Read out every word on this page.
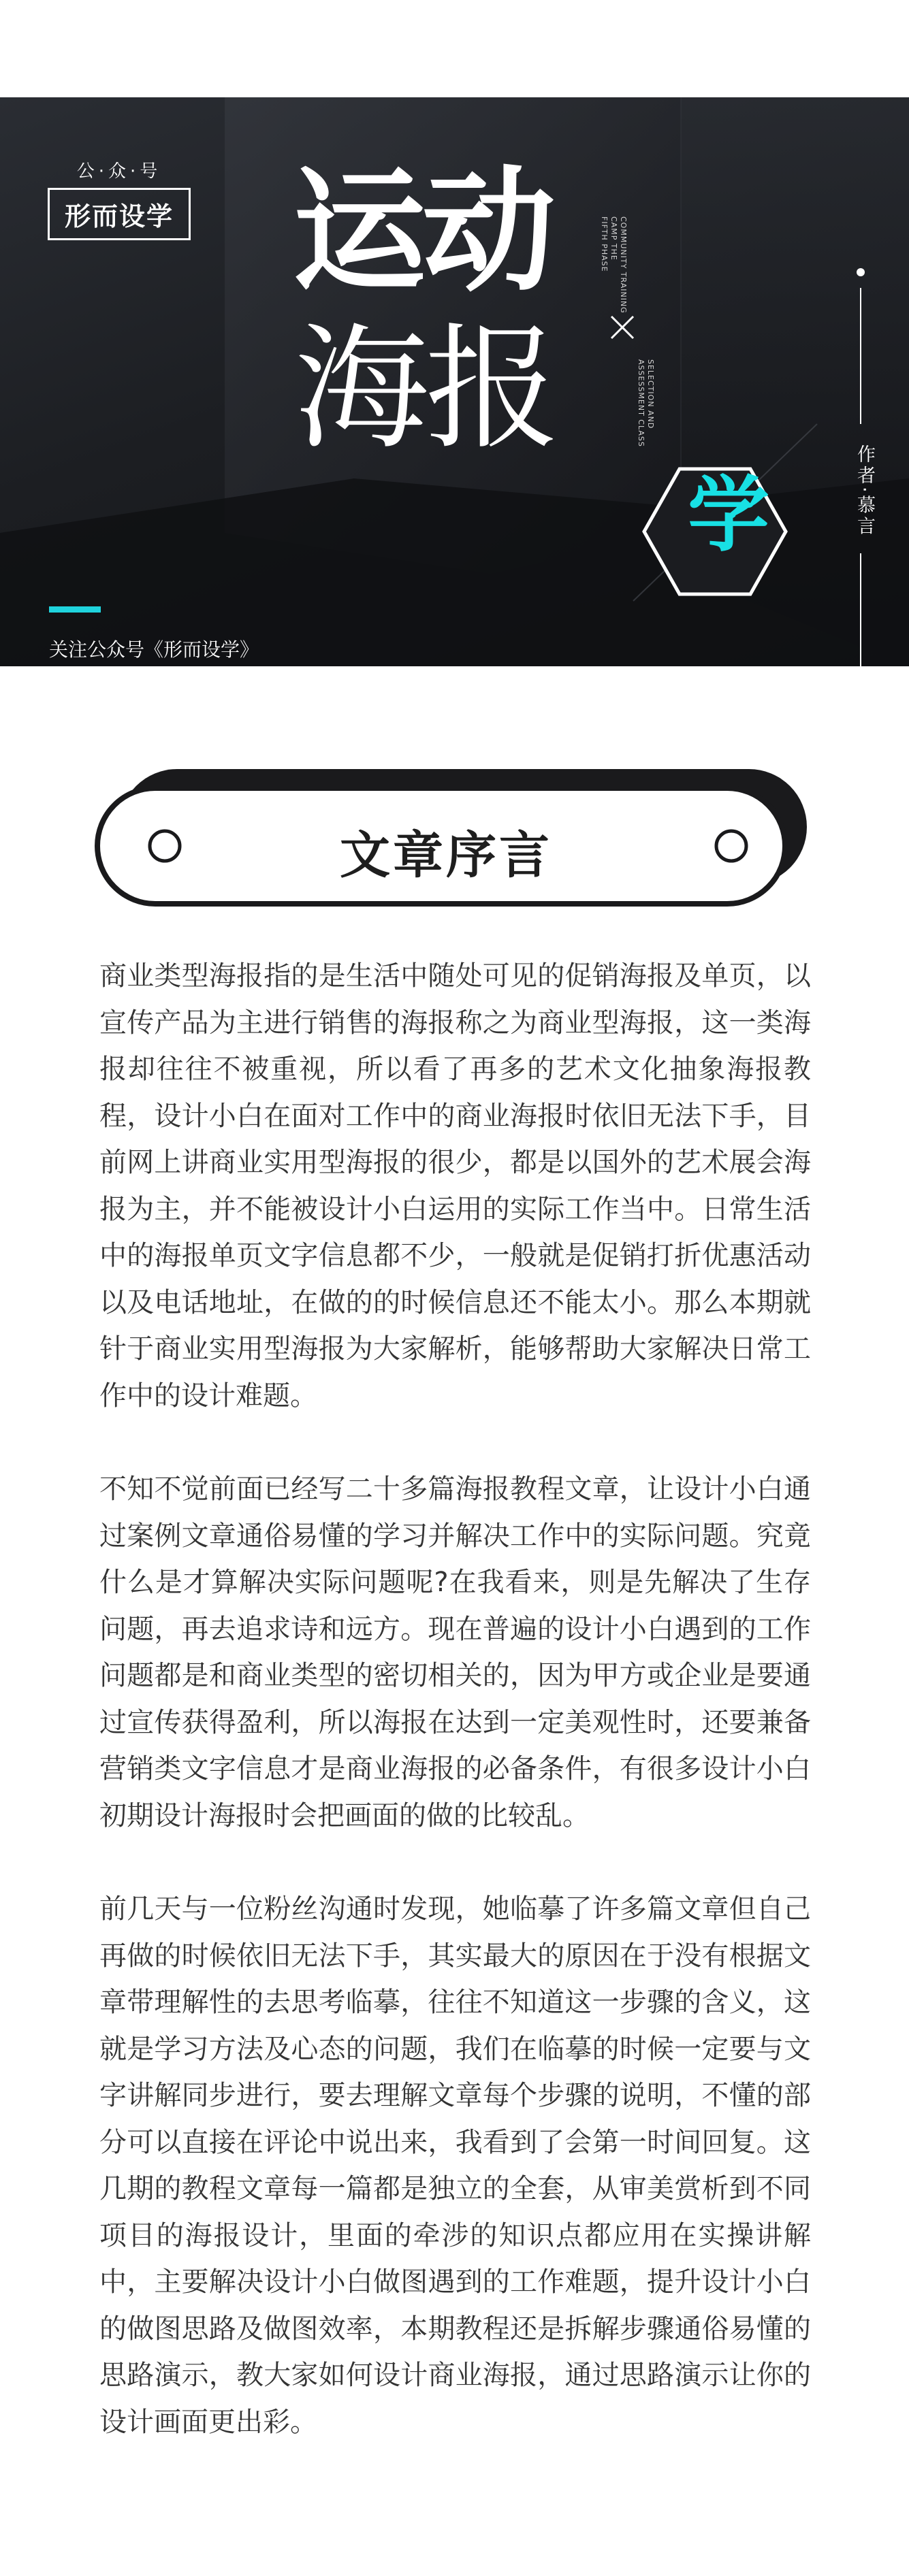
公·众·号
形而设学 运动
海报
COMMUNITY TRAINING
CAMP THE
FIFTH PHASE
SELECTION AND
ASSESSMENT CLASS
学
关注公众号《形而设学》
看更多干货文章
作者·慕言
文章序言

商业类型海报指的是生活中随处可见的促销海报及单页，以宣传产品为主进行销售的海报称之为商业型海报，这一类海报却往往不被重视，所以看了再多的艺术文化抽象海报教程，设计小白在面对工作中的商业海报时依旧无法下手，目前网上讲商业实用型海报的很少，都是以国外的艺术展会海报为主，并不能被设计小白运用的实际工作当中。日常生活中的海报单页文字信息都不少，一般就是促销打折优惠活动以及电话地址，在做的的时候信息还不能太小。那么本期就针于商业实用型海报为大家解析，能够帮助大家解决日常工作中的设计难题。

不知不觉前面已经写二十多篇海报教程文章，让设计小白通过案例文章通俗易懂的学习并解决工作中的实际问题。究竟什么是才算解决实际问题呢?在我看来，则是先解决了生存问题，再去追求诗和远方。现在普遍的设计小白遇到的工作问题都是和商业类型的密切相关的，因为甲方或企业是要通过宣传获得盈利，所以海报在达到一定美观性时，还要兼备营销类文字信息才是商业海报的必备条件，有很多设计小白初期设计海报时会把画面的做的比较乱。

前几天与一位粉丝沟通时发现，她临摹了许多篇文章但自己再做的时候依旧无法下手，其实最大的原因在于没有根据文章带理解性的去思考临摹，往往不知道这一步骤的含义，这就是学习方法及心态的问题，我们在临摹的时候一定要与文字讲解同步进行，要去理解文章每个步骤的说明，不懂的部分可以直接在评论中说出来，我看到了会第一时间回复。这几期的教程文章每一篇都是独立的全套，从审美赏析到不同项目的海报设计，里面的牵涉的知识点都应用在实操讲解中，主要解决设计小白做图遇到的工作难题，提升设计小白的做图思路及做图效率，本期教程还是拆解步骤通俗易懂的思路演示，教大家如何设计商业海报，通过思路演示让你的设计画面更出彩。
